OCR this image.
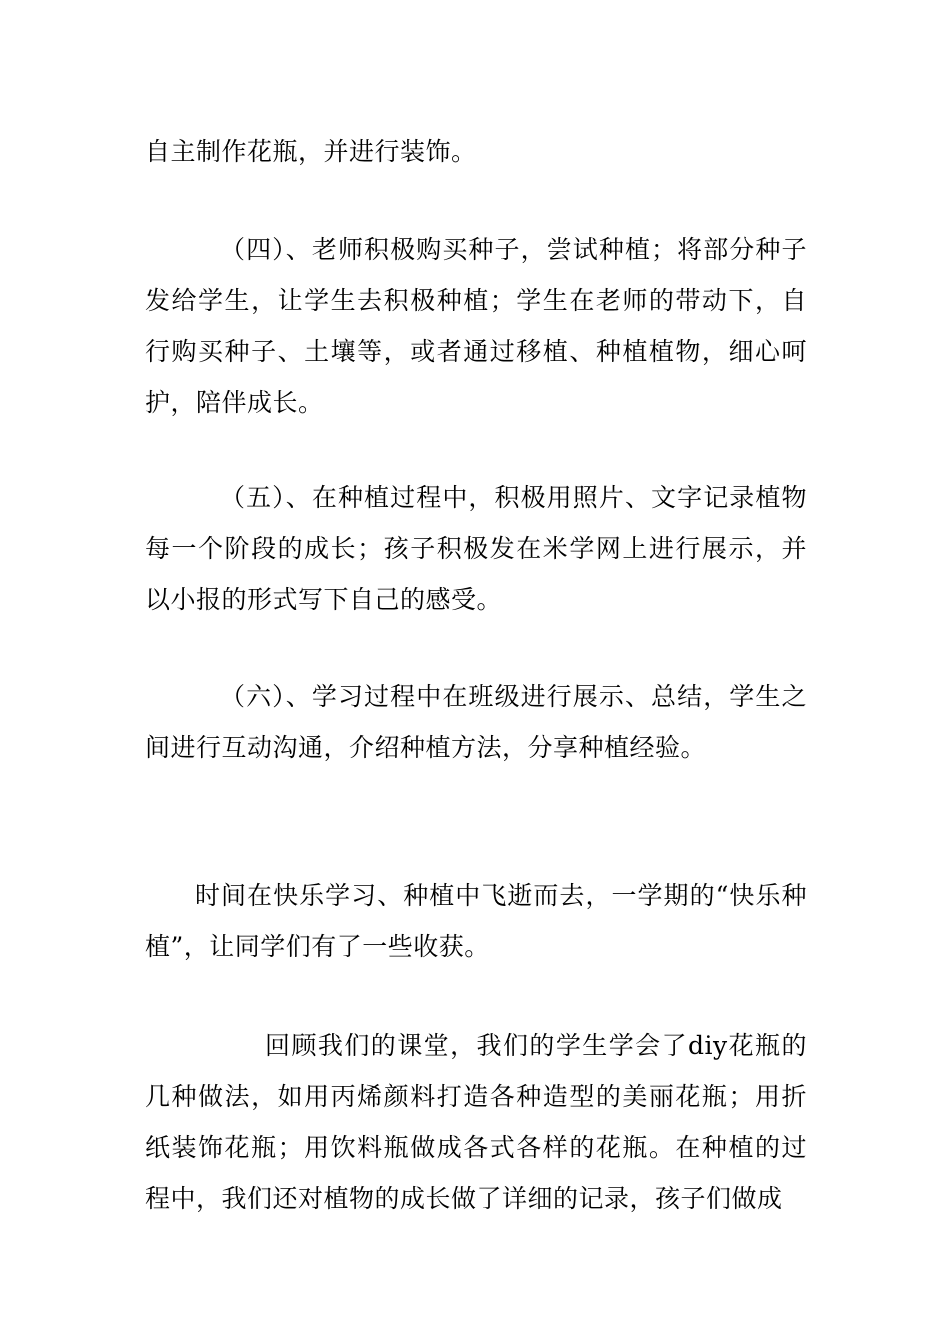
自主制作花瓶，并进行装饰。

（四）、老师积极购买种子，尝试种植；将部分种子发给学生，让学生去积极种植；学生在老师的带动下，自行购买种子、土壤等，或者通过移植、种植植物，细心呵护，陪伴成长。

（五）、在种植过程中，积极用照片、文字记录植物每一个阶段的成长；孩子积极发在米学网上进行展示，并以小报的形式写下自己的感受。

（六）、学习过程中在班级进行展示、总结，学生之间进行互动沟通，介绍种植方法，分享种植经验。

时间在快乐学习、种植中飞逝而去，一学期的“快乐种植”，让同学们有了一些收获。

回顾我们的课堂，我们的学生学会了diy花瓶的几种做法，如用丙烯颜料打造各种造型的美丽花瓶；用折纸装饰花瓶；用饮料瓶做成各式各样的花瓶。在种植的过程中，我们还对植物的成长做了详细的记录，孩子们做成
